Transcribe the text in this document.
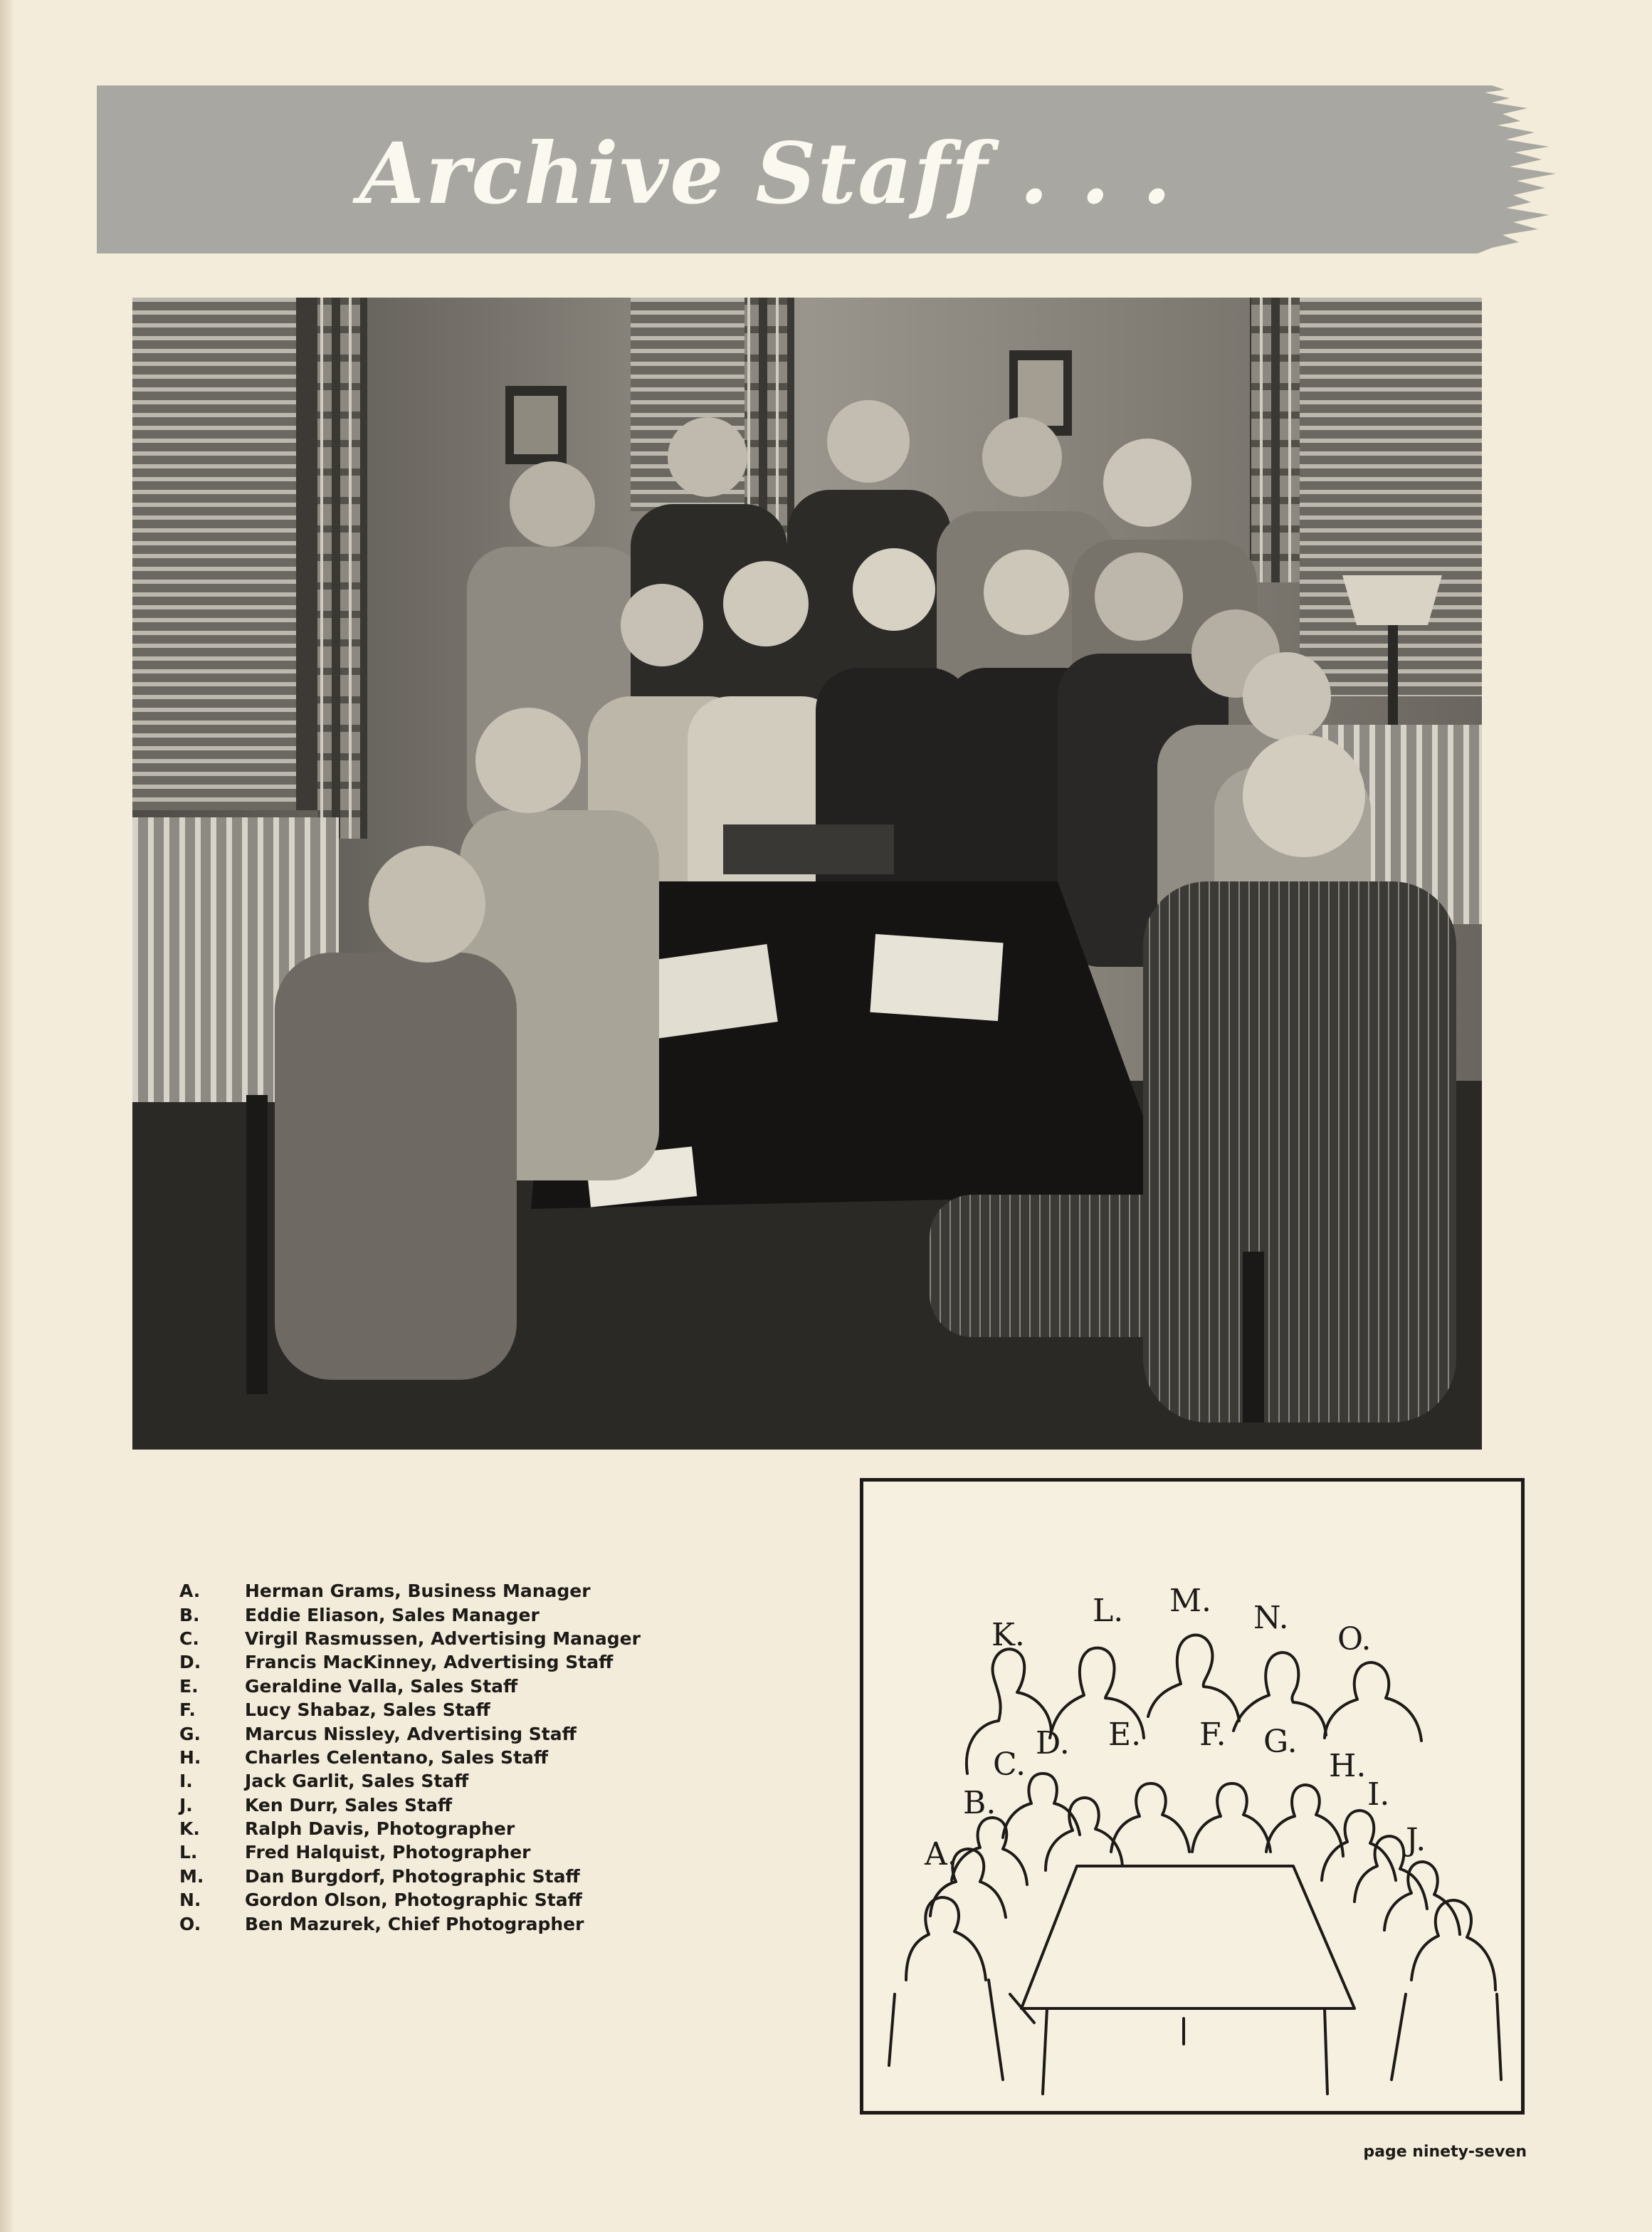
Archive Staff . . .
A.	Herman Grams, Business Manager
B.	Eddie Eliason, Sales Manager
C.	Virgil Rasmussen, Advertising Manager
D.	Francis MacKinney, Advertising Staff
E.	Geraldine Valla, Sales Staff
F.	Lucy Shabaz, Sales Staff
G.	Marcus Nissley, Advertising Staff
H.	Charles Celentano, Sales Staff
I.	Jack Garlit, Sales Staff
J.	Ken Durr, Sales Staff
K.	Ralph Davis, Photographer
L.	Fred Halquist, Photographer
M.	Dan Burgdorf, Photographic Staff
N.	Gordon Olson, Photographic Staff
O.	Ben Mazurek, Chief Photographer
A.
B.
C.
D. E. F. G.
H.
I.
J.
K.
L. M. N.
O.
page ninety-seven
